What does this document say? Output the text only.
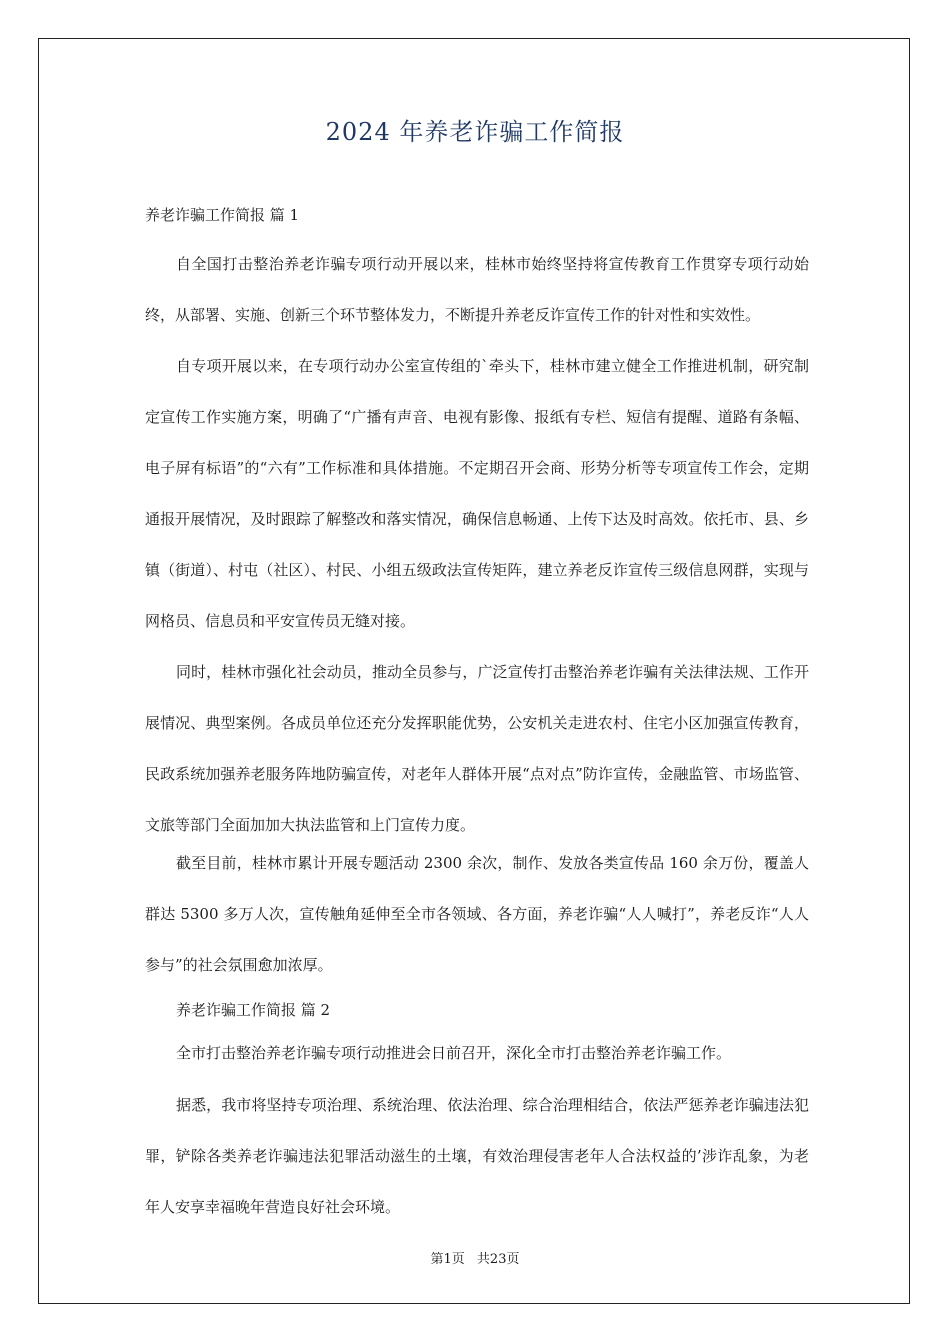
2024 年养老诈骗工作简报
养老诈骗工作简报 篇 1

自全国打击整治养老诈骗专项行动开展以来，桂林市始终坚持将宣传教育工作贯穿专项行动始终，从部署、实施、创新三个环节整体发力，不断提升养老反诈宣传工作的针对性和实效性。

自专项开展以来，在专项行动办公室宣传组的`牵头下，桂林市建立健全工作推进机制，研究制定宣传工作实施方案，明确了“广播有声音、电视有影像、报纸有专栏、短信有提醒、道路有条幅、电子屏有标语”的“六有”工作标准和具体措施。不定期召开会商、形势分析等专项宣传工作会，定期通报开展情况，及时跟踪了解整改和落实情况，确保信息畅通、上传下达及时高效。依托市、县、乡镇（街道）、村屯（社区）、村民、小组五级政法宣传矩阵，建立养老反诈宣传三级信息网群，实现与网格员、信息员和平安宣传员无缝对接。

同时，桂林市强化社会动员，推动全员参与，广泛宣传打击整治养老诈骗有关法律法规、工作开展情况、典型案例。各成员单位还充分发挥职能优势，公安机关走进农村、住宅小区加强宣传教育，民政系统加强养老服务阵地防骗宣传，对老年人群体开展“点对点”防诈宣传，金融监管、市场监管、文旅等部门全面加加大执法监管和上门宣传力度。

截至目前，桂林市累计开展专题活动 2300 余次，制作、发放各类宣传品 160 余万份，覆盖人群达 5300 多万人次，宣传触角延伸至全市各领域、各方面，养老诈骗“人人喊打”，养老反诈“人人参与”的社会氛围愈加浓厚。

养老诈骗工作简报 篇 2

全市打击整治养老诈骗专项行动推进会日前召开，深化全市打击整治养老诈骗工作。

据悉，我市将坚持专项治理、系统治理、依法治理、综合治理相结合，依法严惩养老诈骗违法犯罪，铲除各类养老诈骗违法犯罪活动滋生的土壤，有效治理侵害老年人合法权益的’涉诈乱象，为老年人安享幸福晚年营造良好社会环境。

第1页 共23页
